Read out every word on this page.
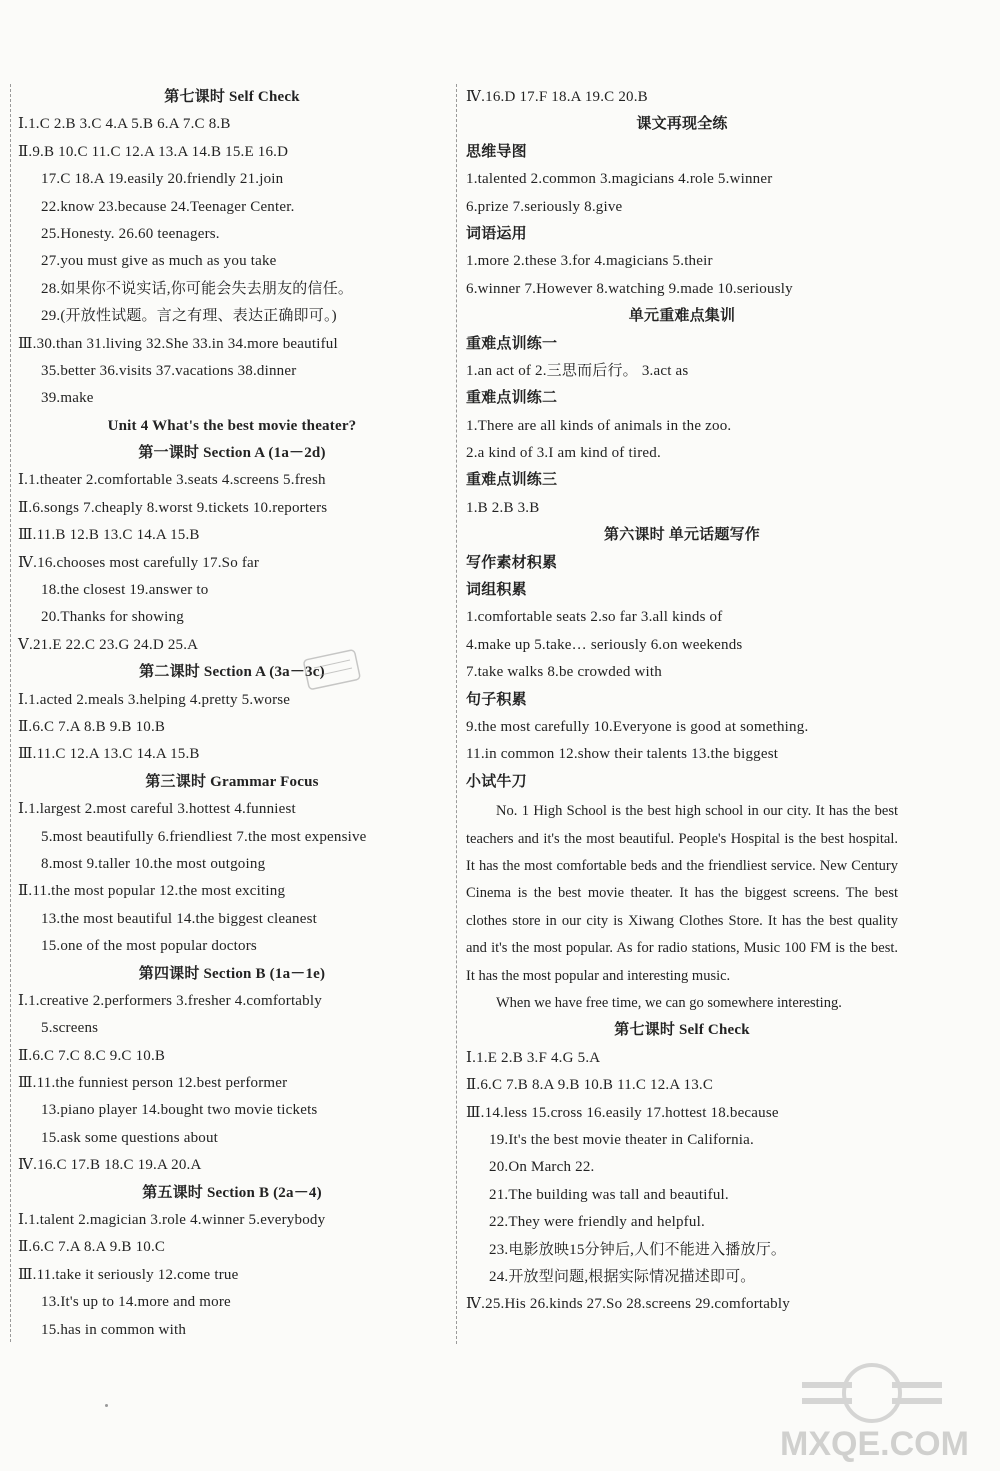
第七课时 Self Check
Ⅰ.1.C 2.B 3.C 4.A 5.B 6.A 7.C 8.B
Ⅱ.9.B 10.C 11.C 12.A 13.A 14.B 15.E 16.D
17.C 18.A 19.easily 20.friendly 21.join
22.know 23.because 24.Teenager Center.
25.Honesty. 26.60 teenagers.
27.you must give as much as you take
28.如果你不说实话,你可能会失去朋友的信任。
29.(开放性试题。言之有理、表达正确即可。)
Ⅲ.30.than 31.living 32.She 33.in 34.more beautiful
35.better 36.visits 37.vacations 38.dinner
39.make
Unit 4 What's the best movie theater?
第一课时 Section A (1a－2d)
Ⅰ.1.theater 2.comfortable 3.seats 4.screens 5.fresh
Ⅱ.6.songs 7.cheaply 8.worst 9.tickets 10.reporters
Ⅲ.11.B 12.B 13.C 14.A 15.B
Ⅳ.16.chooses most carefully 17.So far
18.the closest 19.answer to
20.Thanks for showing
Ⅴ.21.E 22.C 23.G 24.D 25.A
第二课时 Section A (3a－3c)
Ⅰ.1.acted 2.meals 3.helping 4.pretty 5.worse
Ⅱ.6.C 7.A 8.B 9.B 10.B
Ⅲ.11.C 12.A 13.C 14.A 15.B
第三课时 Grammar Focus
Ⅰ.1.largest 2.most careful 3.hottest 4.funniest
5.most beautifully 6.friendliest 7.the most expensive
8.most 9.taller 10.the most outgoing
Ⅱ.11.the most popular 12.the most exciting
13.the most beautiful 14.the biggest cleanest
15.one of the most popular doctors
第四课时 Section B (1a－1e)
Ⅰ.1.creative 2.performers 3.fresher 4.comfortably
5.screens
Ⅱ.6.C 7.C 8.C 9.C 10.B
Ⅲ.11.the funniest person 12.best performer
13.piano player 14.bought two movie tickets
15.ask some questions about
Ⅳ.16.C 17.B 18.C 19.A 20.A
第五课时 Section B (2a－4)
Ⅰ.1.talent 2.magician 3.role 4.winner 5.everybody
Ⅱ.6.C 7.A 8.A 9.B 10.C
Ⅲ.11.take it seriously 12.come true
13.It's up to 14.more and more
15.has in common with
Ⅳ.16.D 17.F 18.A 19.C 20.B
课文再现全练
思维导图
1.talented 2.common 3.magicians 4.role 5.winner
6.prize 7.seriously 8.give
词语运用
1.more 2.these 3.for 4.magicians 5.their
6.winner 7.However 8.watching 9.made 10.seriously
单元重难点集训
重难点训练一
1.an act of 2.三思而后行。 3.act as
重难点训练二
1.There are all kinds of animals in the zoo.
2.a kind of 3.I am kind of tired.
重难点训练三
1.B 2.B 3.B
第六课时 单元话题写作
写作素材积累
词组积累
1.comfortable seats 2.so far 3.all kinds of
4.make up 5.take… seriously 6.on weekends
7.take walks 8.be crowded with
句子积累
9.the most carefully 10.Everyone is good at something.
11.in common 12.show their talents 13.the biggest
小试牛刀

No. 1 High School is the best high school in our city. It has the best teachers and it's the most beautiful. People's Hospital is the best hospital. It has the most comfortable beds and the friendliest service. New Century Cinema is the best movie theater. It has the biggest screens. The best clothes store in our city is Xiwang Clothes Store. It has the best quality and it's the most popular. As for radio stations, Music 100 FM is the best. It has the most popular and interesting music.

When we have free time, we can go somewhere interesting.

第七课时 Self Check
Ⅰ.1.E 2.B 3.F 4.G 5.A
Ⅱ.6.C 7.B 8.A 9.B 10.B 11.C 12.A 13.C
Ⅲ.14.less 15.cross 16.easily 17.hottest 18.because
19.It's the best movie theater in California.
20.On March 22.
21.The building was tall and beautiful.
22.They were friendly and helpful.
23.电影放映15分钟后,人们不能进入播放厅。
24.开放型问题,根据实际情况描述即可。
Ⅳ.25.His 26.kinds 27.So 28.screens 29.comfortably
MXQE.COM
